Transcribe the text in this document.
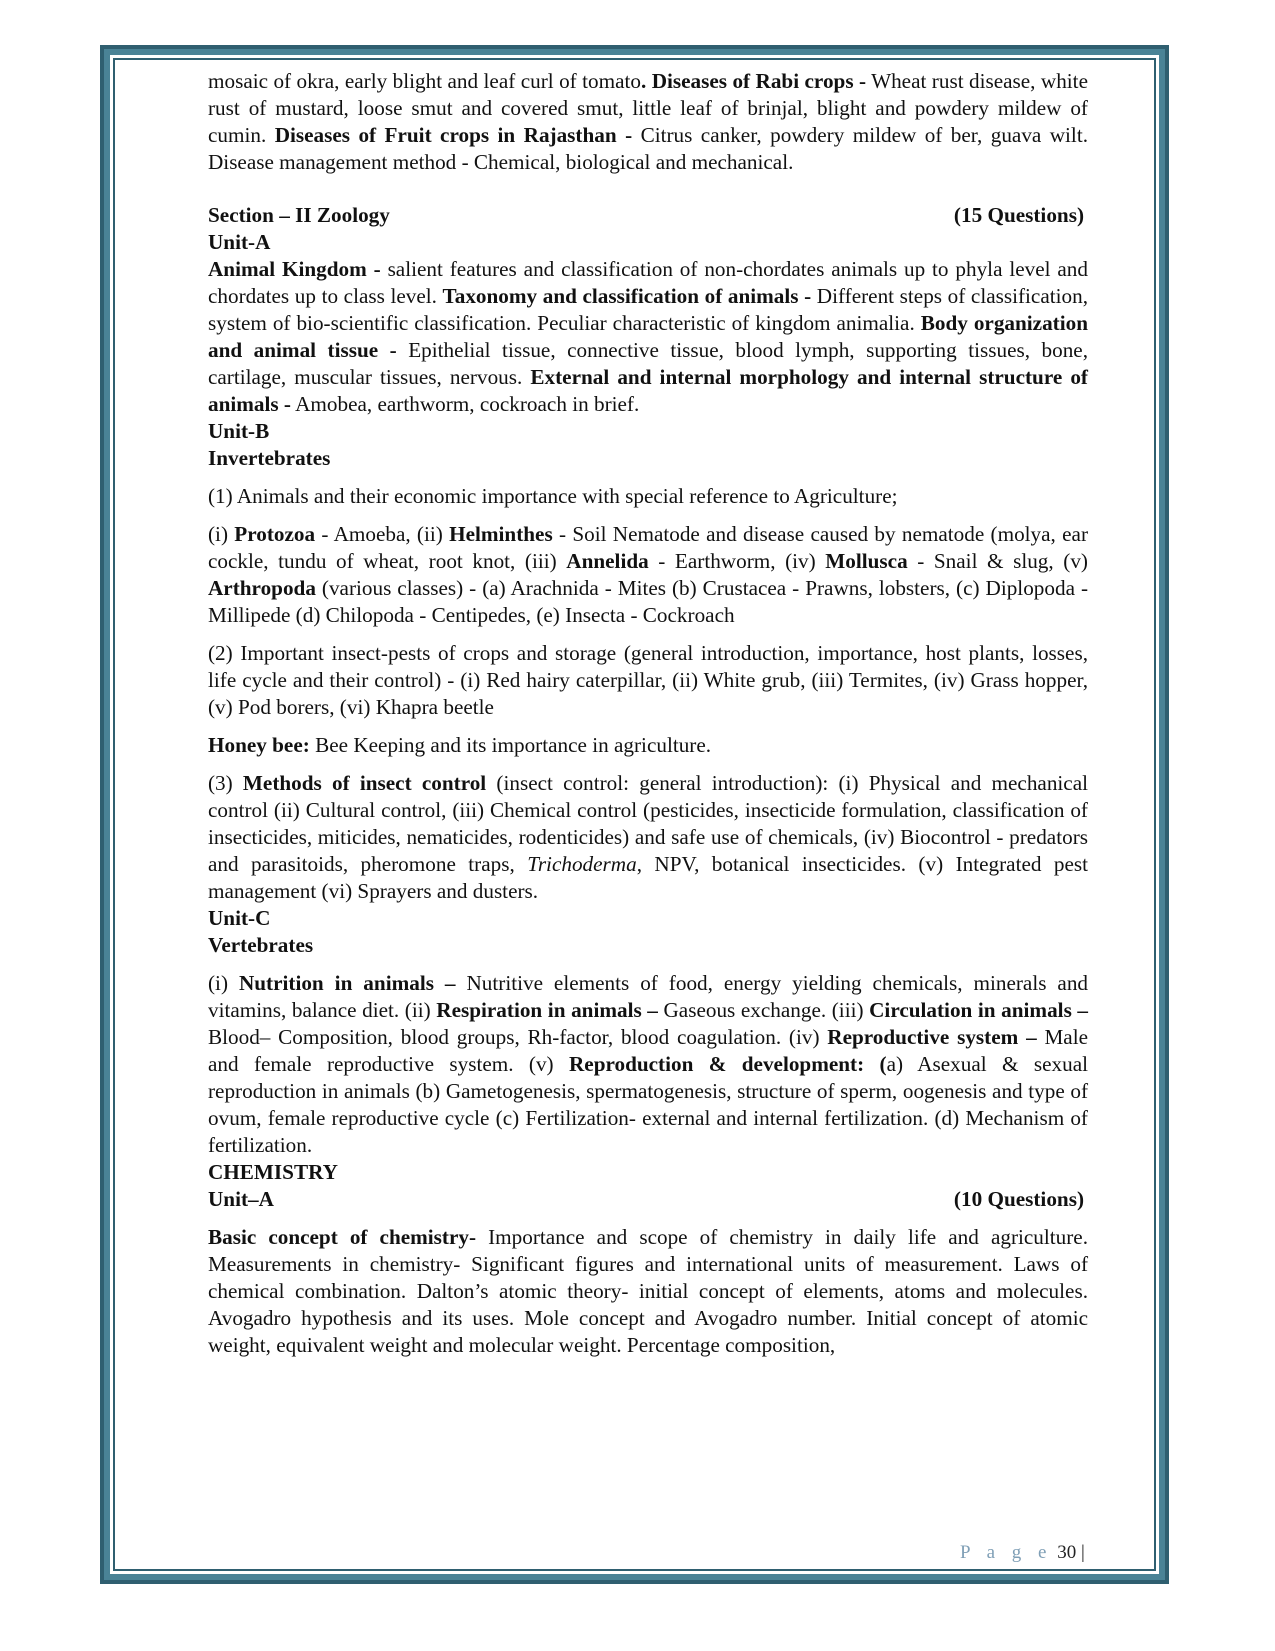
mosaic of okra, early blight and leaf curl of tomato. Diseases of Rabi crops - Wheat rust disease, white rust of mustard, loose smut and covered smut, little leaf of brinjal, blight and powdery mildew of cumin. Diseases of Fruit crops in Rajasthan - Citrus canker, powdery mildew of ber, guava wilt. Disease management method - Chemical, biological and mechanical.

Section – II Zoology	(15 Questions)

Unit-A

Animal Kingdom - salient features and classification of non-chordates animals up to phyla level and chordates up to class level. Taxonomy and classification of animals - Different steps of classification, system of bio-scientific classification. Peculiar characteristic of kingdom animalia. Body organization and animal tissue - Epithelial tissue, connective tissue, blood lymph, supporting tissues, bone, cartilage, muscular tissues, nervous. External and internal morphology and internal structure of animals - Amobea, earthworm, cockroach in brief.

Unit-B

Invertebrates

(1) Animals and their economic importance with special reference to Agriculture;

(i) Protozoa - Amoeba, (ii) Helminthes - Soil Nematode and disease caused by nematode (molya, ear cockle, tundu of wheat, root knot, (iii) Annelida - Earthworm, (iv) Mollusca - Snail & slug, (v) Arthropoda (various classes) - (a) Arachnida - Mites (b) Crustacea - Prawns, lobsters, (c) Diplopoda - Millipede (d) Chilopoda - Centipedes, (e) Insecta - Cockroach

(2) Important insect-pests of crops and storage (general introduction, importance, host plants, losses, life cycle and their control) - (i) Red hairy caterpillar, (ii) White grub, (iii) Termites, (iv) Grass hopper, (v) Pod borers, (vi) Khapra beetle

Honey bee: Bee Keeping and its importance in agriculture.

(3) Methods of insect control (insect control: general introduction): (i) Physical and mechanical control (ii) Cultural control, (iii) Chemical control (pesticides, insecticide formulation, classification of insecticides, miticides, nematicides, rodenticides) and safe use of chemicals, (iv) Biocontrol - predators and parasitoids, pheromone traps, Trichoderma, NPV, botanical insecticides. (v) Integrated pest management (vi) Sprayers and dusters.

Unit-C

Vertebrates

(i) Nutrition in animals – Nutritive elements of food, energy yielding chemicals, minerals and vitamins, balance diet. (ii) Respiration in animals – Gaseous exchange. (iii) Circulation in animals – Blood– Composition, blood groups, Rh-factor, blood coagulation. (iv) Reproductive system – Male and female reproductive system. (v) Reproduction & development: (a) Asexual & sexual reproduction in animals (b) Gametogenesis, spermatogenesis, structure of sperm, oogenesis and type of ovum, female reproductive cycle (c) Fertilization- external and internal fertilization. (d) Mechanism of fertilization.

CHEMISTRY

Unit–A	(10 Questions)

Basic concept of chemistry- Importance and scope of chemistry in daily life and agriculture. Measurements in chemistry- Significant figures and international units of measurement. Laws of chemical combination. Dalton’s atomic theory- initial concept of elements, atoms and molecules. Avogadro hypothesis and its uses. Mole concept and Avogadro number. Initial concept of atomic weight, equivalent weight and molecular weight. Percentage composition,

P a g e 30 |
